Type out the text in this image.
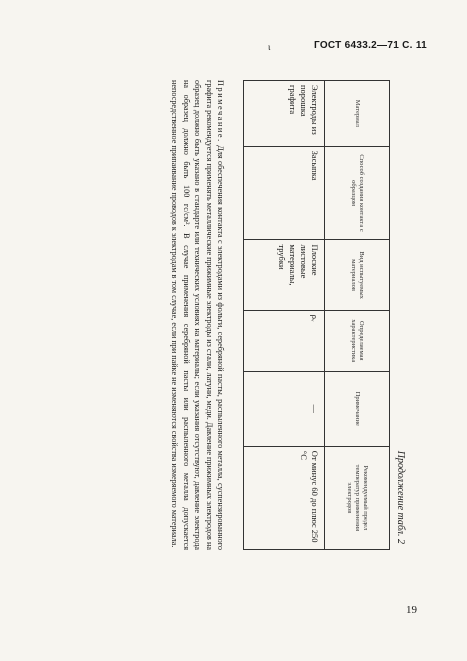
ι	ГОСТ 6433.2—71 С. 11
Продолжение табл. 2
Материал	Способ создания контакта с образцом	Вид испытуемых материалов	Определяемая характеристика	Примечание	Рекомендуемый предел температур применения электродов
Электроды из порошка графита	Засыпка	Плоские листовые материалы, трубки	ρᵥ	—	От минус 60 до плюс 250 °С
Примечание. Для обеспечения контакта с электродами из фольги, серебряной пасты, распыленного металла, суспензированного графита рекомендуется применять металлические прижимные электроды из стали, латуни, меди. Давление прижимных электродов на образец должно быть указано в стандарте или технических условиях на материалы; если указания отсутствуют, давление электрода на образец должно быть 100 гс/см². В случае применения серебряной пасты или распыленного металла допускается непосредственное припаивание проводов к электродам в том случае, если при пайке не изменяются свойства измеряемого материала.
19
